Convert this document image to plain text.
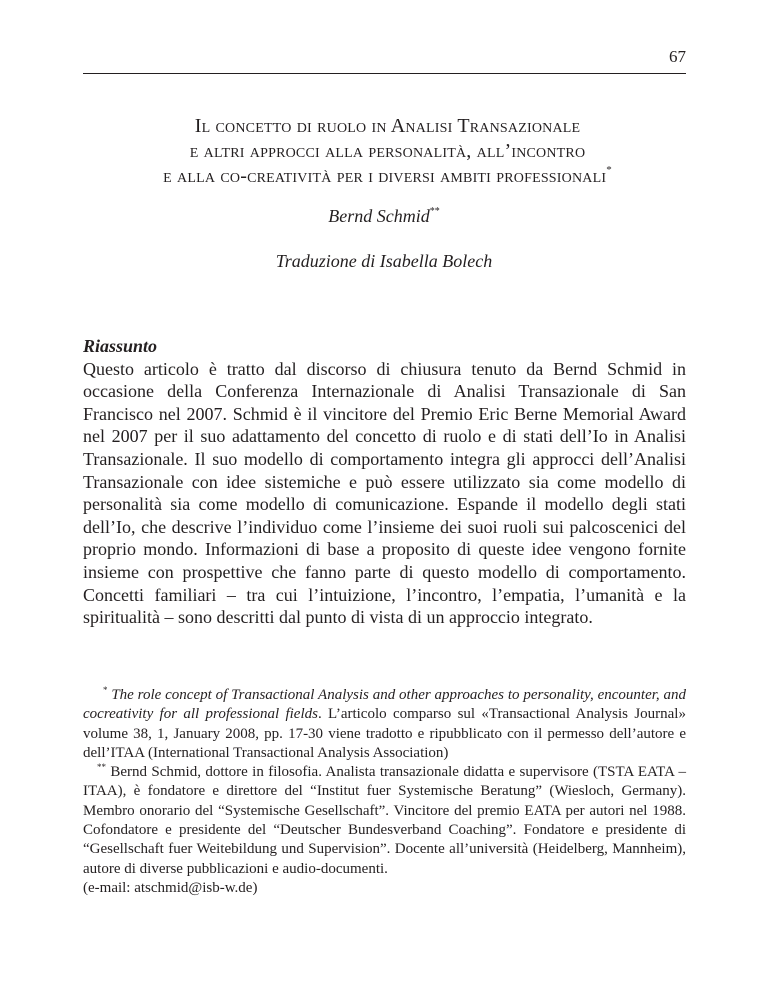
67
Il concetto di ruolo in Analisi Transazionale
e altri approcci alla personalità, all’incontro
e alla co-creatività per i diversi ambiti professionali*
Bernd Schmid**
Traduzione di Isabella Bolech
Riassunto
Questo articolo è tratto dal discorso di chiusura tenuto da Bernd Schmid in occasione della Conferenza Internazionale di Analisi Transazionale di San Francisco nel 2007. Schmid è il vincitore del Premio Eric Berne Memorial Award nel 2007 per il suo adattamento del concetto di ruolo e di stati dell’Io in Analisi Transazionale. Il suo modello di comportamento integra gli approcci dell’Analisi Transazionale con idee sistemiche e può essere utilizzato sia come modello di personalità sia come modello di comunicazione. Espande il modello degli stati dell’Io, che descrive l’individuo come l’insieme dei suoi ruoli sui palcoscenici del proprio mondo. Informazioni di base a proposito di queste idee vengono fornite insieme con prospettive che fanno parte di questo modello di comportamento. Concetti familiari – tra cui l’intuizione, l’incontro, l’empatia, l’umanità e la spiritualità – sono descritti dal punto di vista di un approccio integrato.
* The role concept of Transactional Analysis and other approaches to personality, encounter, and cocreativity for all professional fields. L’articolo comparso sul «Transactional Analysis Journal» volume 38, 1, January 2008, pp. 17-30 viene tradotto e ripubblicato con il permesso dell’autore e dell’ITAA (International Transactional Analysis Association)
** Bernd Schmid, dottore in filosofia. Analista transazionale didatta e supervisore (TSTA EATA – ITAA), è fondatore e direttore del “Institut fuer Systemische Beratung” (Wiesloch, Germany). Membro onorario del “Systemische Gesellschaft”. Vincitore del premio EATA per autori nel 1988. Cofondatore e presidente del “Deutscher Bundesverband Coaching”. Fondatore e presidente di “Gesellschaft fuer Weitebildung und Supervision”. Docente all’università (Heidelberg, Mannheim), autore di diverse pubblicazioni e audio-documenti.
(e-mail: atschmid@isb-w.de)
